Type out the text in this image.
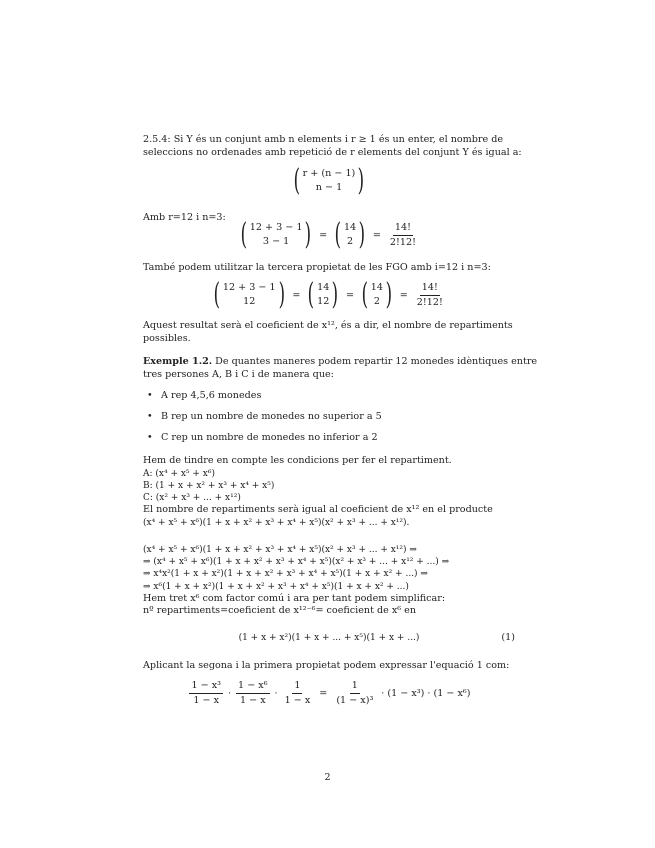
2.5.4: Si Y és un conjunt amb n elements i r ≥ 1 és un enter, el nombre de
seleccions no ordenades amb repetició de r elements del conjunt Y és igual a:
( r + (n − 1)
n − 1 )
Amb r=12 i n=3: ( 12 + 3 − 1
3 − 1 ) = ( 14
2 ) = $\frac{14!}{2!12!}$
També podem utilitzar la tercera propietat de les FGO amb i=12 i n=3:
( 12 + 3 − 1
12 ) = ( 14
12 ) = ( 14
2 ) = $\frac{14!}{2!12!}$
Aquest resultat serà el coeficient de x¹², és a dir, el nombre de repartiments
possibles.
Exemple 1.2. De quantes maneres podem repartir 12 monedes idèntiques entre
tres persones A, B i C i de manera que:
• A rep 4,5,6 monedes
• B rep un nombre de monedes no superior a 5
• C rep un nombre de monedes no inferior a 2
Hem de tindre en compte les condicions per fer el repartiment.
A: (x⁴ + x⁵ + x⁶)
B: (1 + x + x² + x³ + x⁴ + x⁵)
C: (x² + x³ + ... + x¹²)
El nombre de repartiments serà igual al coeficient de x¹² en el producte
(x⁴ + x⁵ + x⁶)(1 + x + x² + x³ + x⁴ + x⁵)(x² + x³ + ... + x¹²).
(x⁴ + x⁵ + x⁶)(1 + x + x² + x³ + x⁴ + x⁵)(x² + x³ + ... + x¹²) ⇒
⇒ (x⁴ + x⁵ + x⁶)(1 + x + x² + x³ + x⁴ + x⁵)(x² + x³ + ... + x¹² + ...) ⇒
⇒ x⁴x²(1 + x + x²)(1 + x + x² + x³ + x⁴ + x⁵)(1 + x + x² + ...) ⇒
⇒ x⁶(1 + x + x²)(1 + x + x² + x³ + x⁴ + x⁵)(1 + x + x² + ...)
Hem tret x⁶ com factor comú i ara per tant podem simplificar:
nº repartiments=coeficient de x¹²⁻⁶= coeficient de x⁶ en
(1 + x + x²)(1 + x + ... + x⁵)(1 + x + ...)	(1)
Aplicant la segona i la primera propietat podem expressar l'equació 1 com:
$\frac{\text{1 − x³}}{1 - x} \cdot \frac{\text{1 − x⁶}}{1 - x} \cdot \frac{1}{1 - x} = \frac{1}{\text{(1 − x)³}} \cdot (1 - x^3) \cdot (1 - x^6)$
2
